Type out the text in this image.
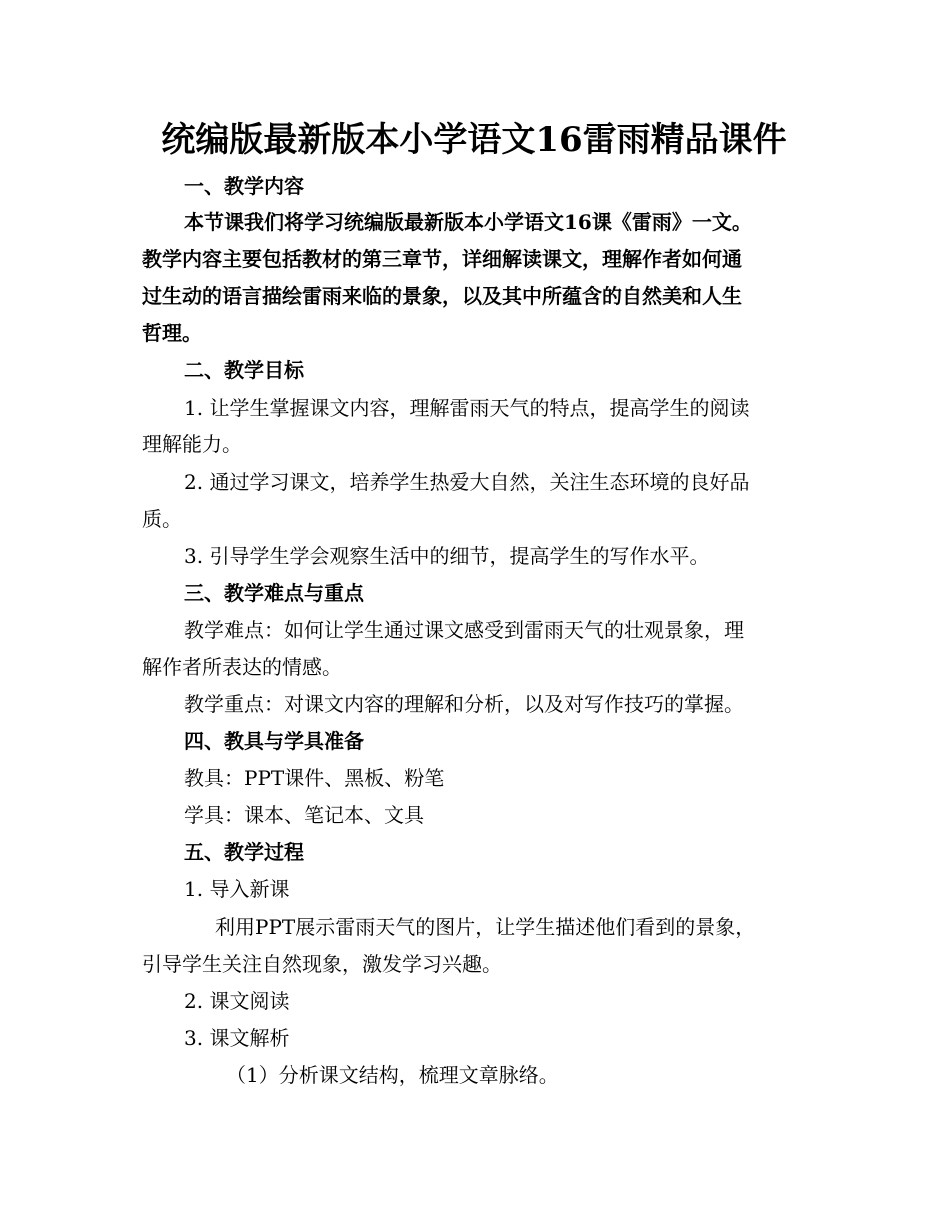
统编版最新版本小学语文16雷雨精品课件
一、教学内容
本节课我们将学习统编版最新版本小学语文16课《雷雨》一文。
教学内容主要包括教材的第三章节，详细解读课文，理解作者如何通
过生动的语言描绘雷雨来临的景象，以及其中所蕴含的自然美和人生
哲理。
二、教学目标
1. 让学生掌握课文内容，理解雷雨天气的特点，提高学生的阅读
理解能力。
2. 通过学习课文，培养学生热爱大自然，关注生态环境的良好品
质。
3. 引导学生学会观察生活中的细节，提高学生的写作水平。
三、教学难点与重点
教学难点：如何让学生通过课文感受到雷雨天气的壮观景象，理
解作者所表达的情感。
教学重点：对课文内容的理解和分析，以及对写作技巧的掌握。
四、教具与学具准备
教具：PPT课件、黑板、粉笔
学具：课本、笔记本、文具
五、教学过程
1. 导入新课
利用PPT展示雷雨天气的图片，让学生描述他们看到的景象，
引导学生关注自然现象，激发学习兴趣。
2. 课文阅读
3. 课文解析
（1）分析课文结构，梳理文章脉络。
